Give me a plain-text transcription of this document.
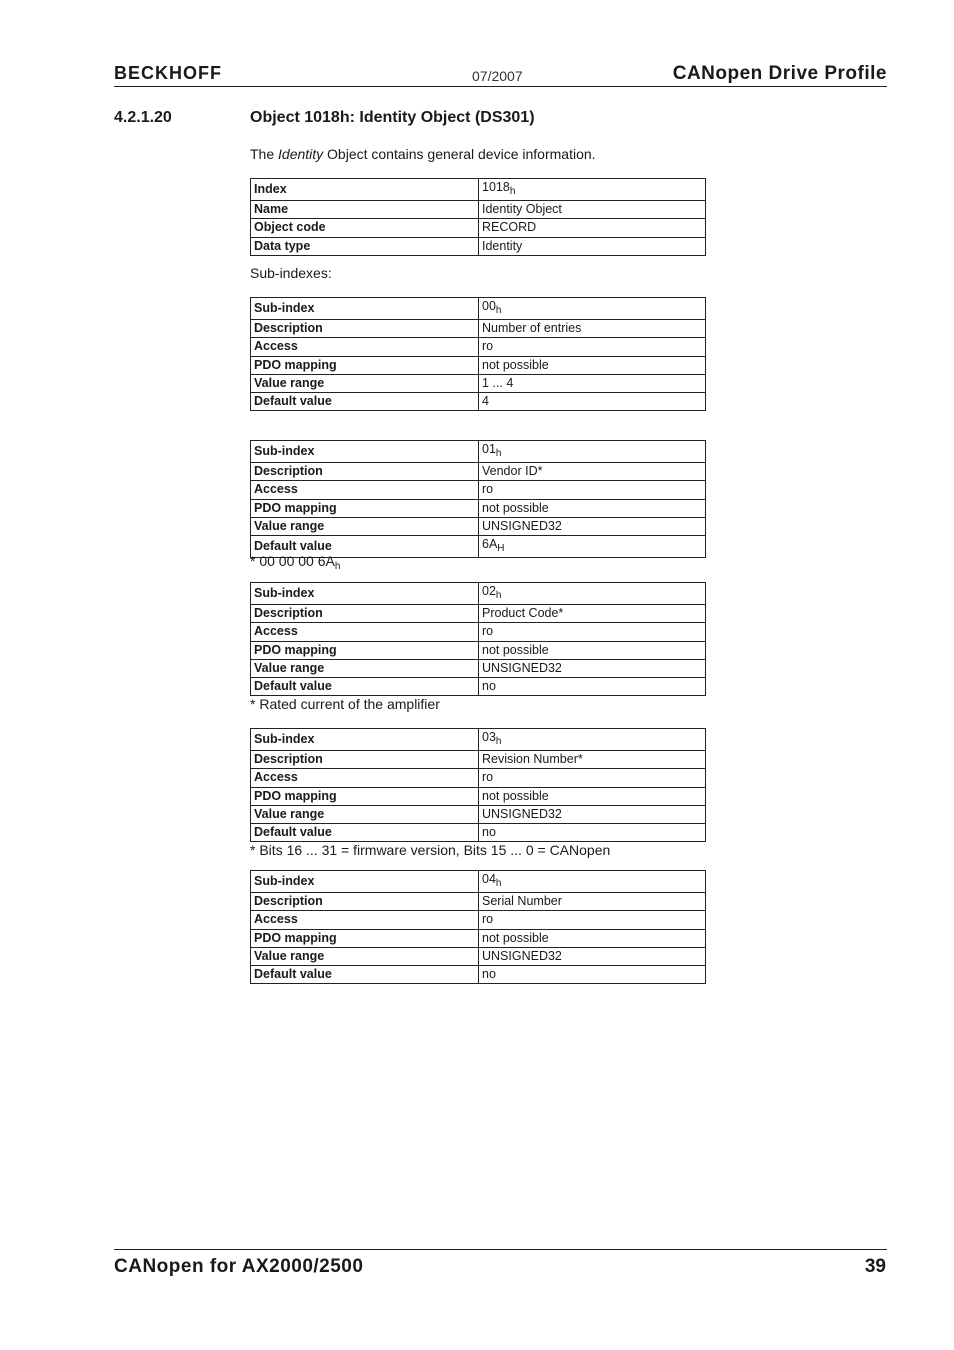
BECKHOFF	07/2007	CANopen Drive Profile
4.2.1.20	Object 1018h: Identity Object (DS301)
The Identity Object contains general device information.
Index	$1018_h$
Name	Identity Object
Object code	RECORD
Data type	Identity
Sub-indexes:
Sub-index	$00_h$
Description	Number of entries
Access	ro
PDO mapping	not possible
Value range	1 ... 4
Default value	4
Sub-index	$01_h$
Description	Vendor ID*
Access	ro
PDO mapping	not possible
Value range	UNSIGNED32
Default value	$6A_H$
* 00 00 00 $6A_h$
Sub-index	$02_h$
Description	Product Code*
Access	ro
PDO mapping	not possible
Value range	UNSIGNED32
Default value	no
* Rated current of the amplifier
Sub-index	$03_h$
Description	Revision Number*
Access	ro
PDO mapping	not possible
Value range	UNSIGNED32
Default value	no
* Bits 16 ... 31 = firmware version, Bits 15 ... 0 = CANopen
Sub-index	$04_h$
Description	Serial Number
Access	ro
PDO mapping	not possible
Value range	UNSIGNED32
Default value	no
CANopen for AX2000/2500	39
